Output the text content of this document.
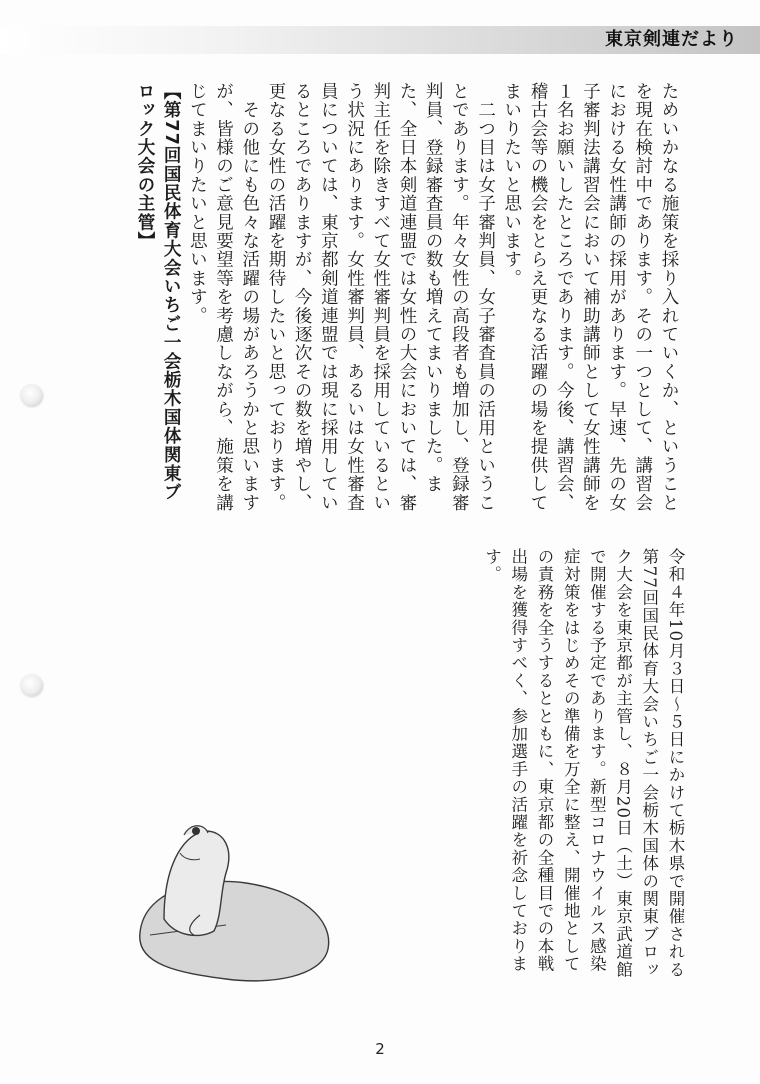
東京剣連だより
ためいかなる施策を採り入れていくか、ということを現在検討中であります。その一つとして、講習会における女性講師の採用があります。早速、先の女子審判法講習会において補助講師として女性講師を１名お願いしたところであります。今後、講習会、稽古会等の機会をとらえ更なる活躍の場を提供してまいりたいと思います。
　二つ目は女子審判員、女子審査員の活用ということであります。年々女性の高段者も増加し、登録審判員、登録審査員の数も増えてまいりました。また、全日本剣道連盟では女性の大会においては、審判主任を除きすべて女性審判員を採用しているという状況にあります。女性審判員、あるいは女性審査員については、東京都剣道連盟では現に採用しているところでありますが、今後逐次その数を増やし、更なる女性の活躍を期待したいと思っております。
　その他にも色々な活躍の場があろうかと思いますが、皆様のご意見要望等を考慮しながら、施策を講じてまいりたいと思います。
【第77回国民体育大会いちご一会栃木国体関東ブロック大会の主管】

令和４年10月３日～５日にかけて栃木県で開催される第77回国民体育大会いちご一会栃木国体の関東ブロック大会を東京都が主管し、８月20日（土）東京武道館で開催する予定であります。新型コロナウイルス感染症対策をはじめその準備を万全に整え、開催地としての責務を全うするとともに、東京都の全種目での本戦出場を獲得すべく、参加選手の活躍を祈念しております。
2
